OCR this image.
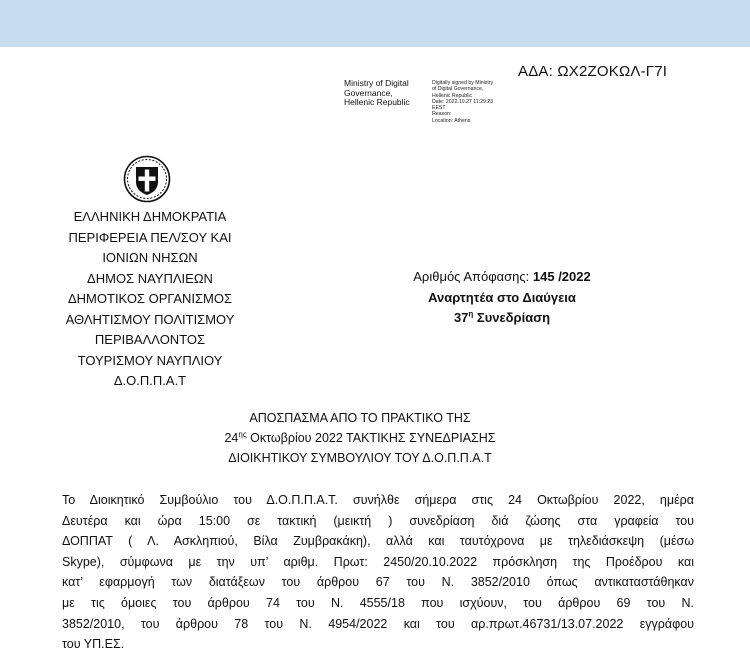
ΑΔΑ: ΩΧ2ΖΟΚΩΛ-Γ7Ι
Ministry of Digital
Governance,
Hellenic Republic
Digitally signed by Ministry
of Digital Governance,
Hellenic Republic
Date: 2022.10.27 11:29:23
EEST
Reason:
Location: Athens
ΕΛΛΗΝΙΚΗ ΔΗΜΟΚΡΑΤΙΑ
ΠΕΡΙΦΕΡΕΙΑ ΠΕΛ/ΣΟΥ ΚΑΙ
ΙΟΝΙΩΝ ΝΗΣΩΝ
ΔΗΜΟΣ ΝΑΥΠΛΙΕΩΝ
ΔΗΜΟΤΙΚΟΣ ΟΡΓΑΝΙΣΜΟΣ
ΑΘΛΗΤΙΣΜΟΥ ΠΟΛΙΤΙΣΜΟΥ
ΠΕΡΙΒΑΛΛΟΝΤΟΣ
ΤΟΥΡΙΣΜΟΥ ΝΑΥΠΛΙΟΥ
Δ.Ο.Π.Π.Α.Τ
Αριθμός Απόφασης: 145 /2022
Αναρτητέα στο Διαύγεια
$37^\eta$ Συνεδρίαση
ΑΠΟΣΠΑΣΜΑ ΑΠΟ ΤΟ ΠΡΑΚΤΙΚΟ ΤΗΣ
$24^{\eta\varsigma}$ Οκτωβρίου 2022 ΤΑΚΤΙΚΗΣ ΣΥΝΕΔΡΙΑΣΗΣ
ΔΙΟΙΚΗΤΙΚΟΥ ΣΥΜΒΟΥΛΙΟΥ ΤΟΥ Δ.Ο.Π.Π.Α.Τ
Το Διοικητικό Συμβούλιο του Δ.Ο.Π.Π.Α.Τ. συνήλθε σήμερα στις 24 Οκτωβρίου 2022, ημέρα
Δευτέρα και ώρα 15:00 σε τακτική (μεικτή ) συνεδρίαση διά ζώσης στα γραφεία του
ΔΟΠΠΑΤ ( Λ. Ασκληπιού, Βίλα Ζυμβρακάκη), αλλά και ταυτόχρονα με τηλεδιάσκεψη (μέσω
Skype), σύμφωνα με την υπ’ αριθμ. Πρωτ: 2450/20.10.2022 πρόσκληση της Προέδρου και
κατ’ εφαρμογή των διατάξεων του άρθρου 67 του Ν. 3852/2010 όπως αντικαταστάθηκαν
με τις όμοιες του άρθρου 74 του Ν. 4555/18 που ισχύουν, του άρθρου 69 του Ν.
3852/2010, του άρθρου 78 του Ν. 4954/2022 και του αρ.πρωτ.46731/13.07.2022 εγγράφου
του ΥΠ.ΕΣ.
